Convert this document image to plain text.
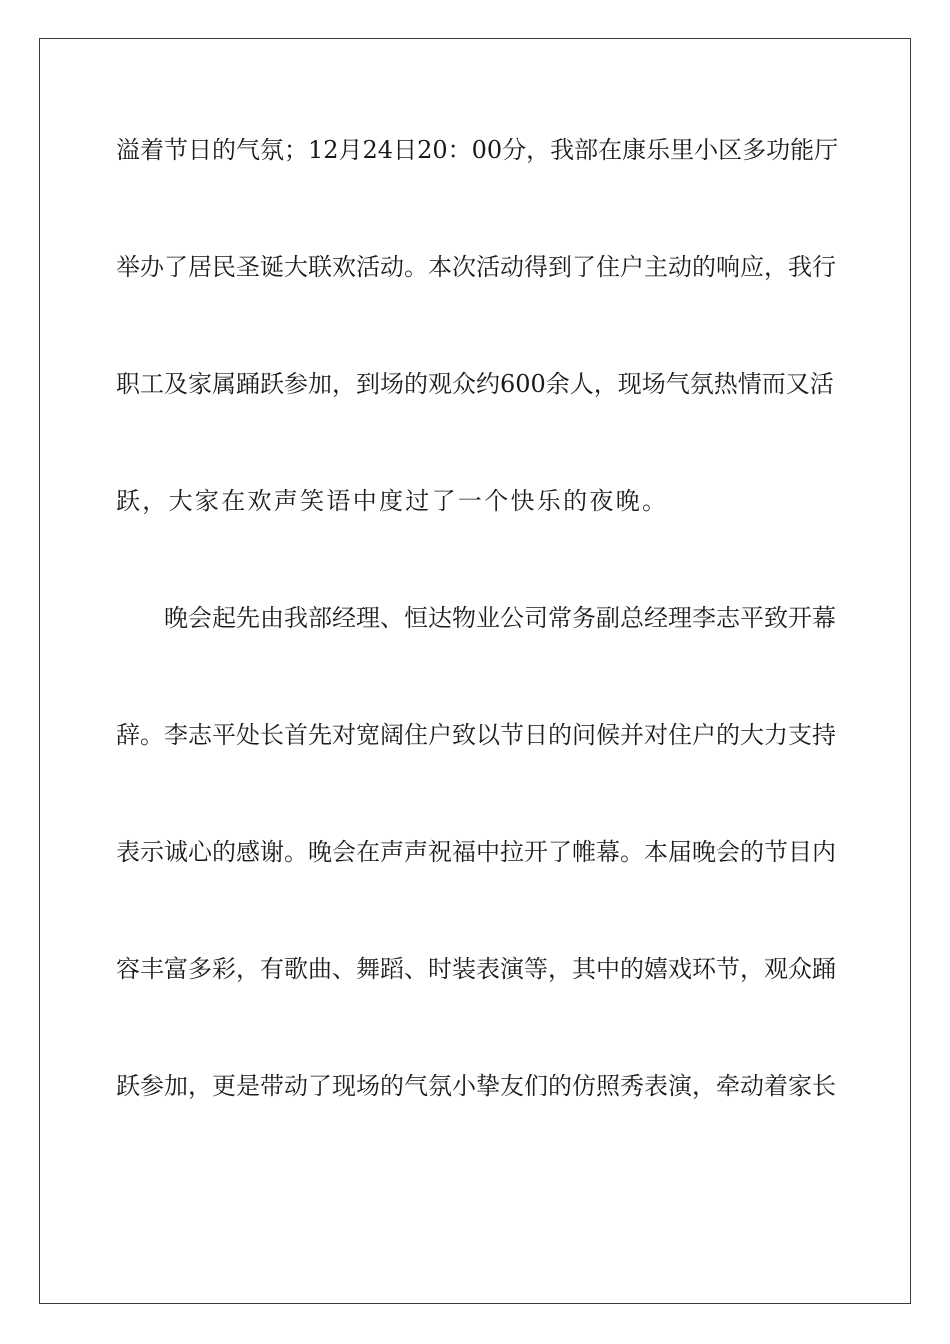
溢着节日的气氛；12月24日20：00分，我部在康乐里小区多功能厅
举办了居民圣诞大联欢活动。本次活动得到了住户主动的响应，我行
职工及家属踊跃参加，到场的观众约600余人，现场气氛热情而又活
跃，大家在欢声笑语中度过了一个快乐的夜晚。
晚会起先由我部经理、恒达物业公司常务副总经理李志平致开幕
辞。李志平处长首先对宽阔住户致以节日的问候并对住户的大力支持
表示诚心的感谢。晚会在声声祝福中拉开了帷幕。本届晚会的节目内
容丰富多彩，有歌曲、舞蹈、时装表演等，其中的嬉戏环节，观众踊
跃参加，更是带动了现场的气氛小挚友们的仿照秀表演，牵动着家长
